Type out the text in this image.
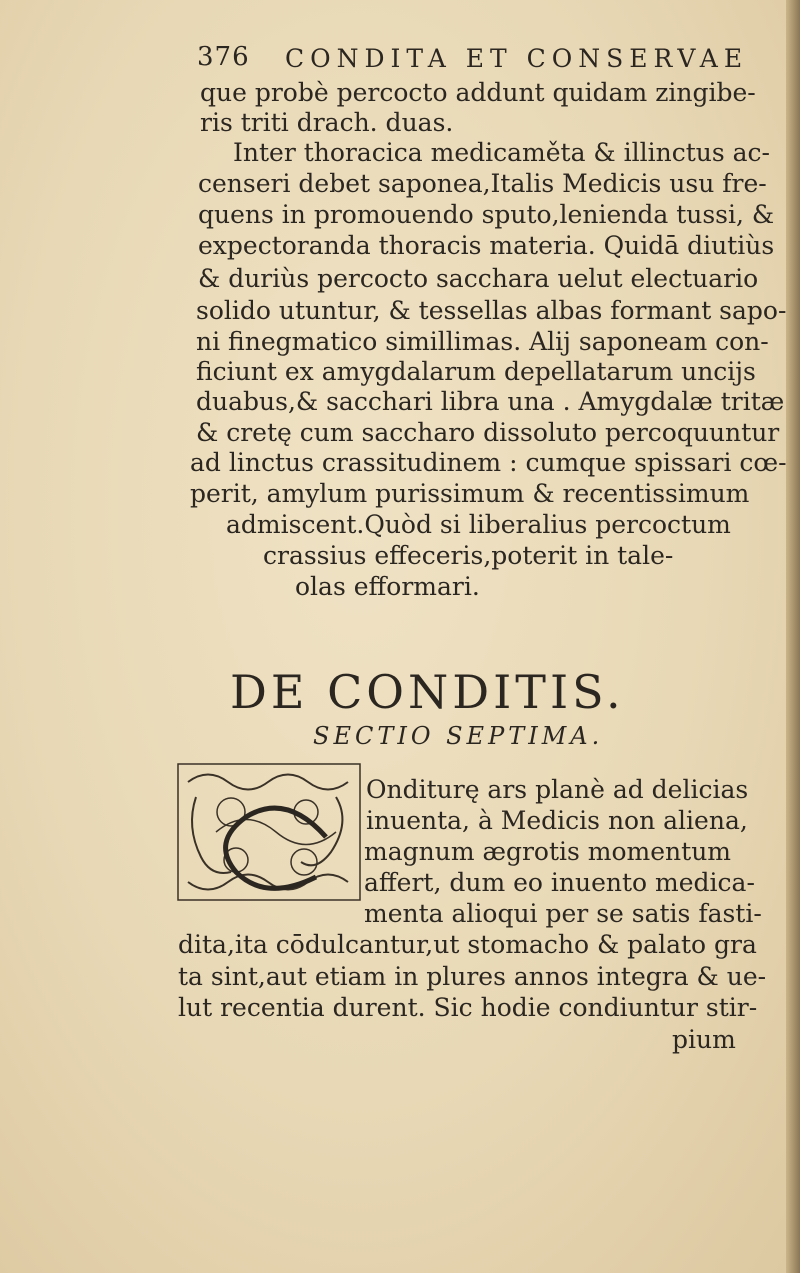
376 CONDITA ET CONSERVAE
que probè percocto addunt quidam zingibe-
ris triti drach. duas.
Inter thoracica medicaměta & illinctus ac-
censeri debet saponea,Italis Medicis usu fre-
quens in promouendo sputo,lenienda tussi, &
expectoranda thoracis materia. Quidā diutiùs
& duriùs percocto sacchara uelut electuario
solido utuntur, & tessellas albas formant sapo-
ni finegmatico simillimas. Alij saponeam con-
ficiunt ex amygdalarum depellatarum uncijs
duabus,& sacchari libra una . Amygdalæ tritæ
& cretę cum saccharo dissoluto percoquuntur
ad linctus crassitudinem : cumque spissari cœ-
perit, amylum purissimum & recentissimum
admiscent.Quòd si liberalius percoctum
crassius effeceris,poterit in tale-
olas efformari.
DE CONDITIS.
SECTIO SEPTIMA.
Onditurę ars planè ad delicias
inuenta, à Medicis non aliena,
magnum ægrotis momentum
affert, dum eo inuento medica-
menta alioqui per se satis fasti-
dita,ita cōdulcantur,ut stomacho & palato gra
ta sint,aut etiam in plures annos integra & ue-
lut recentia durent. Sic hodie condiuntur stir-
pium
